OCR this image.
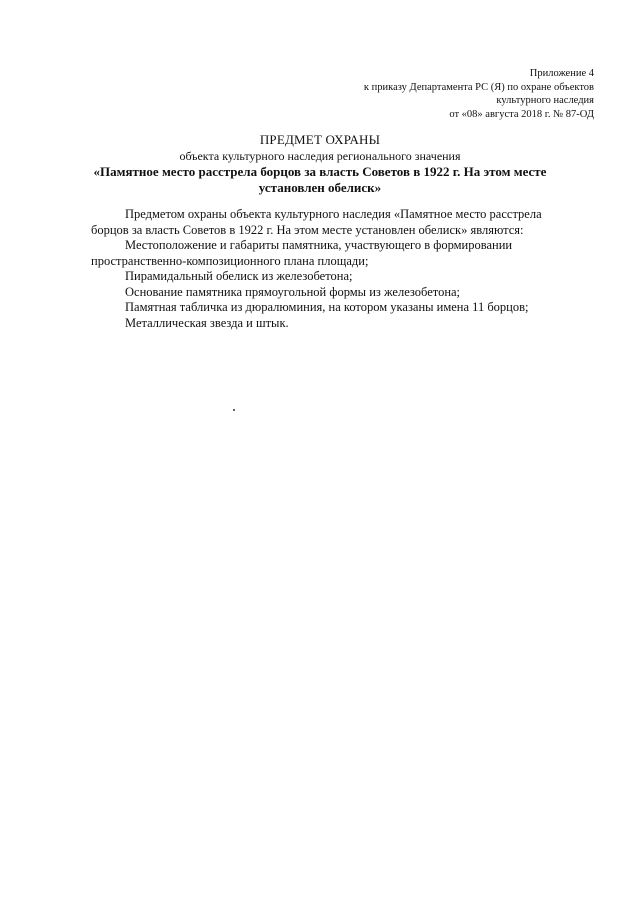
Приложение 4
к приказу Департамента РС (Я) по охране объектов
культурного наследия
от «08» августа 2018 г. № 87-ОД
ПРЕДМЕТ ОХРАНЫ
объекта культурного наследия регионального значения
«Памятное место расстрела борцов за власть Советов в 1922 г. На этом месте
установлен обелиск»
Предметом охраны объекта культурного наследия «Памятное место расстрела
борцов за власть Советов в 1922 г. На этом месте установлен обелиск» являются:
Местоположение и габариты памятника, участвующего в формировании
пространственно-композиционного плана площади;
Пирамидальный обелиск из железобетона;
Основание памятника прямоугольной формы из железобетона;
Памятная табличка из дюралюминия, на котором указаны имена 11 борцов;
Металлическая звезда и штык.
